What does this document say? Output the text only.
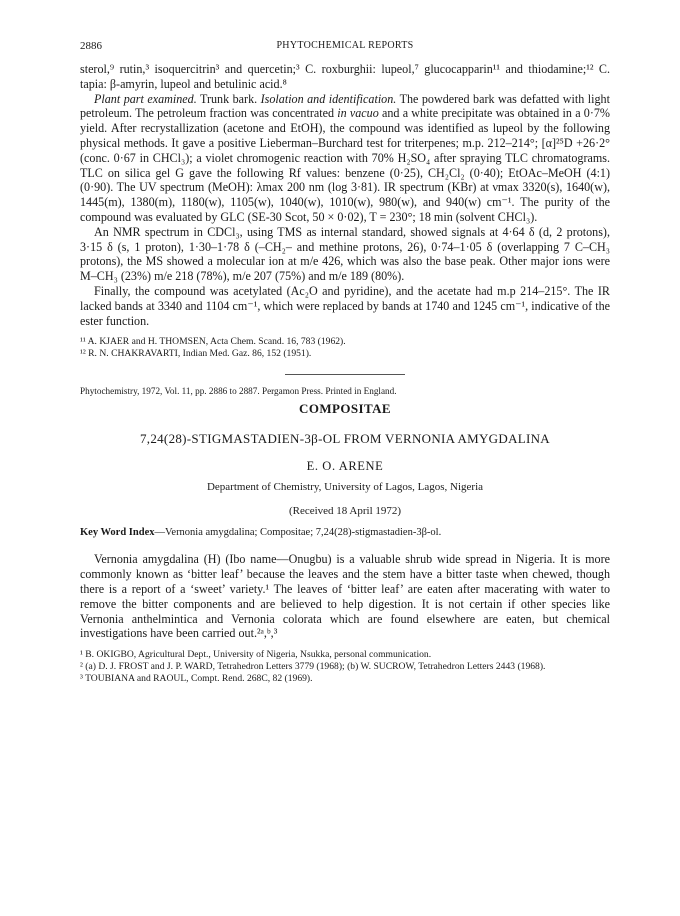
2886	PHYTOCHEMICAL REPORTS

sterol,⁹ rutin,³ isoquercitrin³ and quercetin;³ C. roxburghii: lupeol,⁷ glucocapparin¹¹ and thiodamine;¹² C. tapia: β-amyrin, lupeol and betulinic acid.⁸

Plant part examined. Trunk bark. Isolation and identification. The powdered bark was defatted with light petroleum. The petroleum fraction was concentrated in vacuo and a white precipitate was obtained in a 0·7% yield. After recrystallization (acetone and EtOH), the compound was identified as lupeol by the following physical methods. It gave a positive Lieberman–Burchard test for triterpenes; m.p. 212–214°; [α]²⁵D +26·2° (conc. 0·67 in CHCl₃); a violet chromogenic reaction with 70% H₂SO₄ after spraying TLC chromatograms. TLC on silica gel G gave the following Rf values: benzene (0·25), CH₂Cl₂ (0·40); EtOAc–MeOH (4:1) (0·90). The UV spectrum (MeOH): λmax 200 nm (log 3·81). IR spectrum (KBr) at νmax 3320(s), 1640(w), 1445(m), 1380(m), 1180(w), 1105(w), 1040(w), 1010(w), 980(w), and 940(w) cm⁻¹. The purity of the compound was evaluated by GLC (SE-30 Scot, 50 × 0·02), T = 230°; 18 min (solvent CHCl₃).

An NMR spectrum in CDCl₃, using TMS as internal standard, showed signals at 4·64 δ (d, 2 protons), 3·15 δ (s, 1 proton), 1·30–1·78 δ (–CH₂– and methine protons, 26), 0·74–1·05 δ (overlapping 7 C–CH₃ protons), the MS showed a molecular ion at m/e 426, which was also the base peak. Other major ions were M–CH₃ (23%) m/e 218 (78%), m/e 207 (75%) and m/e 189 (80%).

Finally, the compound was acetylated (Ac₂O and pyridine), and the acetate had m.p 214–215°. The IR lacked bands at 3340 and 1104 cm⁻¹, which were replaced by bands at 1740 and 1245 cm⁻¹, indicative of the ester function.

¹¹ A. KJAER and H. THOMSEN, Acta Chem. Scand. 16, 783 (1962).

¹² R. N. CHAKRAVARTI, Indian Med. Gaz. 86, 152 (1951).

Phytochemistry, 1972, Vol. 11, pp. 2886 to 2887. Pergamon Press. Printed in England.
COMPOSITAE
7,24(28)-STIGMASTADIEN-3β-OL FROM VERNONIA AMYGDALINA
E. O. ARENE
Department of Chemistry, University of Lagos, Lagos, Nigeria
(Received 18 April 1972)
Key Word Index—Vernonia amygdalina; Compositae; 7,24(28)-stigmastadien-3β-ol.

Vernonia amygdalina (H) (Ibo name—Onugbu) is a valuable shrub wide spread in Nigeria. It is more commonly known as ‘bitter leaf’ because the leaves and the stem have a bitter taste when chewed, though there is a report of a ‘sweet’ variety.¹ The leaves of ‘bitter leaf’ are eaten after macerating with water to remove the bitter components and are believed to help digestion. It is not certain if other species like Vernonia anthelmintica and Vernonia colorata which are found elsewhere are eaten, but chemical investigations have been carried out.²ᵃ,ᵇ,³

¹ B. OKIGBO, Agricultural Dept., University of Nigeria, Nsukka, personal communication.

² (a) D. J. FROST and J. P. WARD, Tetrahedron Letters 3779 (1968); (b) W. SUCROW, Tetrahedron Letters 2443 (1968).

³ TOUBIANA and RAOUL, Compt. Rend. 268C, 82 (1969).
